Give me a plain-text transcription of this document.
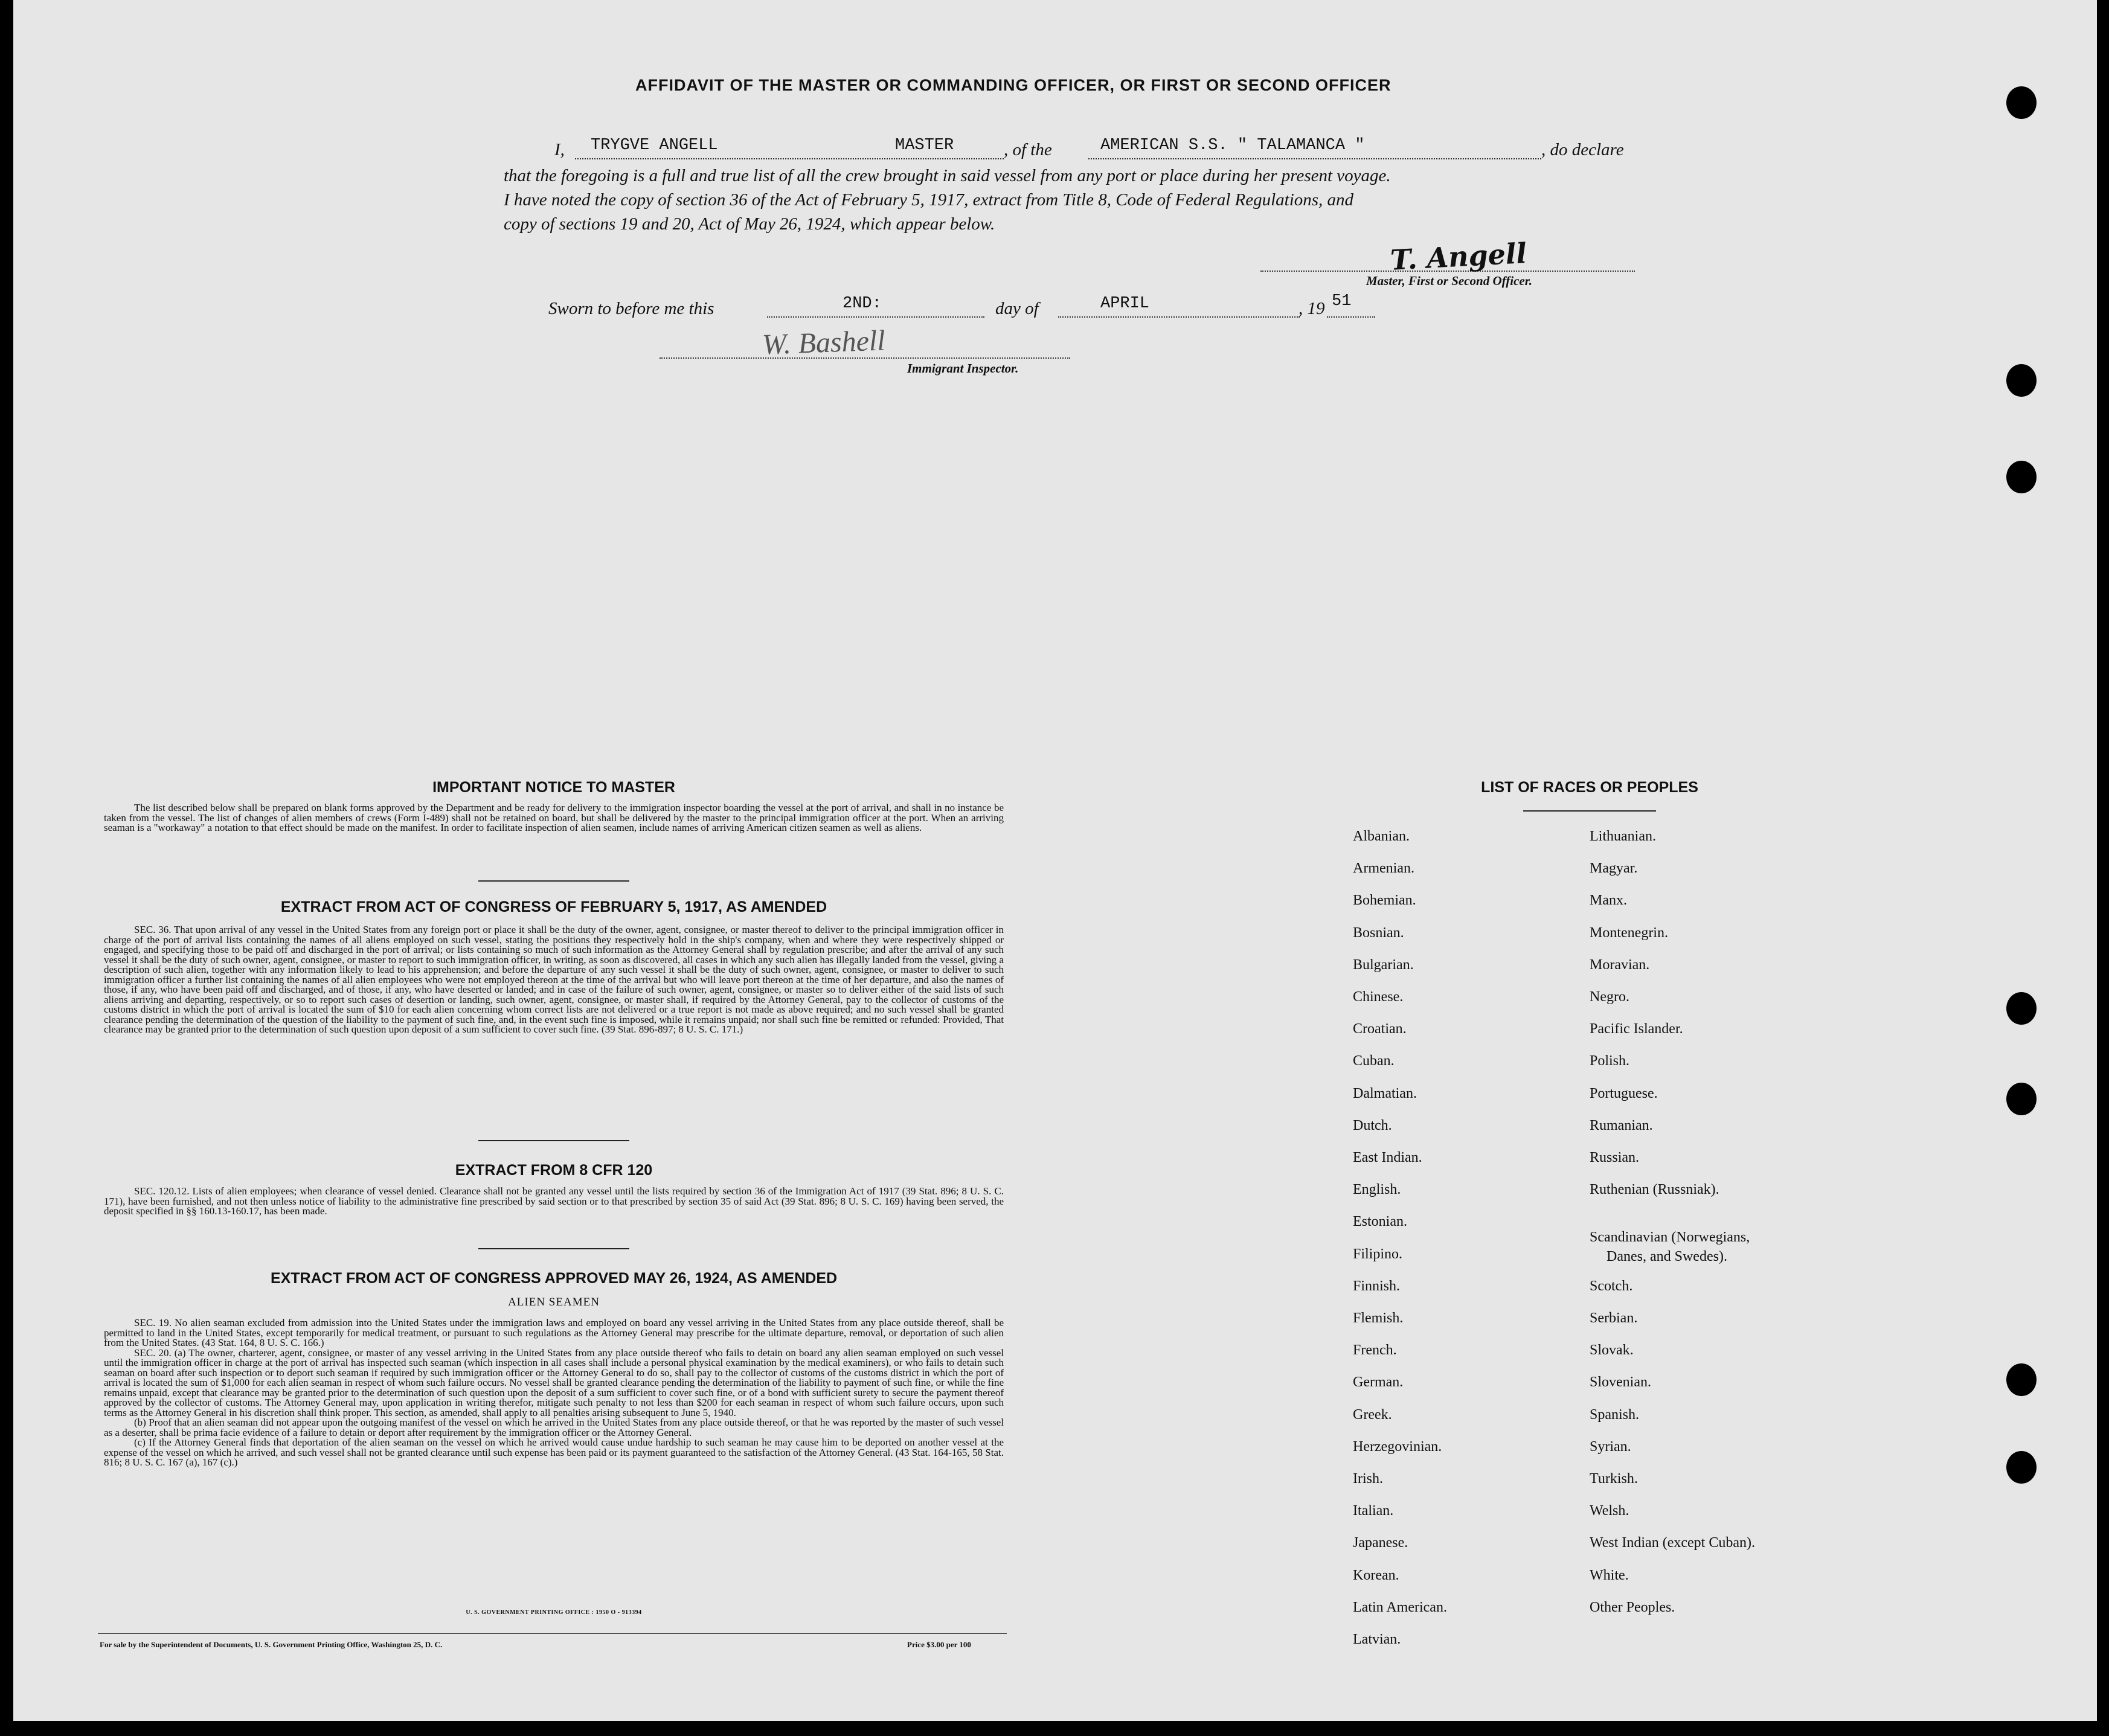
AFFIDAVIT OF THE MASTER OR COMMANDING OFFICER, OR FIRST OR SECOND OFFICER
I, TRYGVE ANGELL	MASTER	, of the	AMERICAN S.S. " TALAMANCA "	, do declare
that the foregoing is a full and true list of all the crew brought in said vessel from any port or place during her present voyage.
I have noted the copy of section 36 of the Act of February 5, 1917, extract from Title 8, Code of Federal Regulations, and
copy of sections 19 and 20, Act of May 26, 1924, which appear below.
T. Angell
Master, First or Second Officer.
Sworn to before me this	2ND:	day of	APRIL	, 19 51
W. Bashell
Immigrant Inspector.
IMPORTANT NOTICE TO MASTER

The list described below shall be prepared on blank forms approved by the Department and be ready for delivery to the immigration inspector boarding the vessel at the port of arrival, and shall in no instance be taken from the vessel. The list of changes of alien members of crews (Form I-489) shall not be retained on board, but shall be delivered by the master to the principal immigration officer at the port. When an arriving seaman is a "workaway" a notation to that effect should be made on the manifest. In order to facilitate inspection of alien seamen, include names of arriving American citizen seamen as well as aliens.

EXTRACT FROM ACT OF CONGRESS OF FEBRUARY 5, 1917, AS AMENDED

SEC. 36. That upon arrival of any vessel in the United States from any foreign port or place it shall be the duty of the owner, agent, consignee, or master thereof to deliver to the principal immigration officer in charge of the port of arrival lists containing the names of all aliens employed on such vessel, stating the positions they respectively hold in the ship's company, when and where they were respectively shipped or engaged, and specifying those to be paid off and discharged in the port of arrival; or lists containing so much of such information as the Attorney General shall by regulation prescribe; and after the arrival of any such vessel it shall be the duty of such owner, agent, consignee, or master to report to such immigration officer, in writing, as soon as discovered, all cases in which any such alien has illegally landed from the vessel, giving a description of such alien, together with any information likely to lead to his apprehension; and before the departure of any such vessel it shall be the duty of such owner, agent, consignee, or master to deliver to such immigration officer a further list containing the names of all alien employees who were not employed thereon at the time of the arrival but who will leave port thereon at the time of her departure, and also the names of those, if any, who have been paid off and discharged, and of those, if any, who have deserted or landed; and in case of the failure of such owner, agent, consignee, or master so to deliver either of the said lists of such aliens arriving and departing, respectively, or so to report such cases of desertion or landing, such owner, agent, consignee, or master shall, if required by the Attorney General, pay to the collector of customs of the customs district in which the port of arrival is located the sum of $10 for each alien concerning whom correct lists are not delivered or a true report is not made as above required; and no such vessel shall be granted clearance pending the determination of the question of the liability to the payment of such fine, and, in the event such fine is imposed, while it remains unpaid; nor shall such fine be remitted or refunded: Provided, That clearance may be granted prior to the determination of such question upon deposit of a sum sufficient to cover such fine. (39 Stat. 896-897; 8 U. S. C. 171.)

EXTRACT FROM 8 CFR 120

SEC. 120.12. Lists of alien employees; when clearance of vessel denied. Clearance shall not be granted any vessel until the lists required by section 36 of the Immigration Act of 1917 (39 Stat. 896; 8 U. S. C. 171), have been furnished, and not then unless notice of liability to the administrative fine prescribed by said section or to that prescribed by section 35 of said Act (39 Stat. 896; 8 U. S. C. 169) having been served, the deposit specified in §§ 160.13-160.17, has been made.

EXTRACT FROM ACT OF CONGRESS APPROVED MAY 26, 1924, AS AMENDED
ALIEN SEAMEN

SEC. 19. No alien seaman excluded from admission into the United States under the immigration laws and employed on board any vessel arriving in the United States from any place outside thereof, shall be permitted to land in the United States, except temporarily for medical treatment, or pursuant to such regulations as the Attorney General may prescribe for the ultimate departure, removal, or deportation of such alien from the United States. (43 Stat. 164, 8 U. S. C. 166.)

SEC. 20. (a) The owner, charterer, agent, consignee, or master of any vessel arriving in the United States from any place outside thereof who fails to detain on board any alien seaman employed on such vessel until the immigration officer in charge at the port of arrival has inspected such seaman (which inspection in all cases shall include a personal physical examination by the medical examiners), or who fails to detain such seaman on board after such inspection or to deport such seaman if required by such immigration officer or the Attorney General to do so, shall pay to the collector of customs of the customs district in which the port of arrival is located the sum of $1,000 for each alien seaman in respect of whom such failure occurs. No vessel shall be granted clearance pending the determination of the liability to payment of such fine, or while the fine remains unpaid, except that clearance may be granted prior to the determination of such question upon the deposit of a sum sufficient to cover such fine, or of a bond with sufficient surety to secure the payment thereof approved by the collector of customs. The Attorney General may, upon application in writing therefor, mitigate such penalty to not less than $200 for each seaman in respect of whom such failure occurs, upon such terms as the Attorney General in his discretion shall think proper. This section, as amended, shall apply to all penalties arising subsequent to June 5, 1940.

(b) Proof that an alien seaman did not appear upon the outgoing manifest of the vessel on which he arrived in the United States from any place outside thereof, or that he was reported by the master of such vessel as a deserter, shall be prima facie evidence of a failure to detain or deport after requirement by the immigration officer or the Attorney General.

(c) If the Attorney General finds that deportation of the alien seaman on the vessel on which he arrived would cause undue hardship to such seaman he may cause him to be deported on another vessel at the expense of the vessel on which he arrived, and such vessel shall not be granted clearance until such expense has been paid or its payment guaranteed to the satisfaction of the Attorney General. (43 Stat. 164-165, 58 Stat. 816; 8 U. S. C. 167 (a), 167 (c).)

U. S. GOVERNMENT PRINTING OFFICE : 1950 O - 913394
For sale by the Superintendent of Documents, U. S. Government Printing Office, Washington 25, D. C.	Price $3.00 per 100
LIST OF RACES OR PEOPLES
Albanian.
Armenian.
Bohemian.
Bosnian.
Bulgarian.
Chinese.
Croatian.
Cuban.
Dalmatian.
Dutch.
East Indian.
English.
Estonian.
Filipino.
Finnish.
Flemish.
French.
German.
Greek.
Herzegovinian.
Irish.
Italian.
Japanese.
Korean.
Latin American.
Latvian.
Lithuanian.
Magyar.
Manx.
Montenegrin.
Moravian.
Negro.
Pacific Islander.
Polish.
Portuguese.
Rumanian.
Russian.
Ruthenian (Russniak).
Scandinavian (Norwegians,
Danes, and Swedes).
Scotch.
Serbian.
Slovak.
Slovenian.
Spanish.
Syrian.
Turkish.
Welsh.
West Indian (except Cuban).
White.
Other Peoples.
